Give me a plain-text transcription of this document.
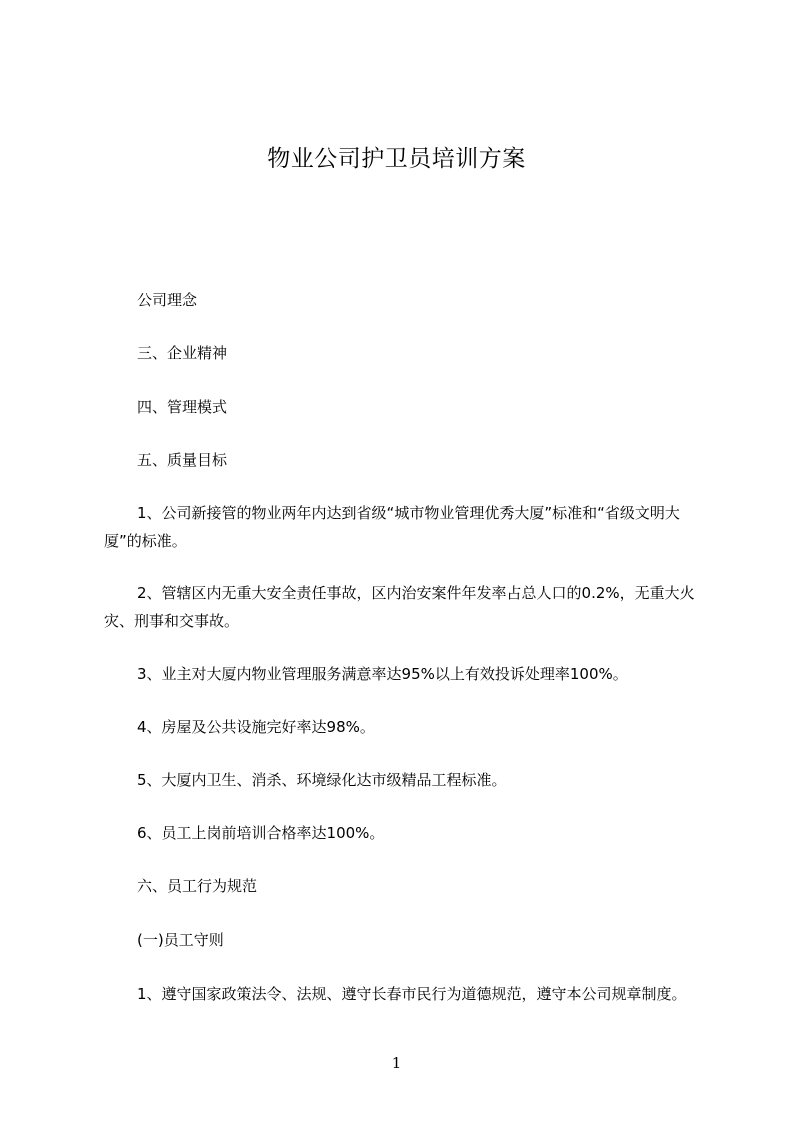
物业公司护卫员培训方案
公司理念
三、企业精神
四、管理模式
五、质量目标
1、公司新接管的物业两年内达到省级“城市物业管理优秀大厦”标准和“省级文明大厦”的标准。
2、管辖区内无重大安全责任事故，区内治安案件年发率占总人口的0.2%，无重大火灾、刑事和交事故。
3、业主对大厦内物业管理服务满意率达95%以上有效投诉处理率100%。
4、房屋及公共设施完好率达98%。
5、大厦内卫生、消杀、环境绿化达市级精品工程标准。
6、员工上岗前培训合格率达100%。
六、员工行为规范
(一)员工守则
1、遵守国家政策法令、法规、遵守长春市民行为道德规范，遵守本公司规章制度。
1
